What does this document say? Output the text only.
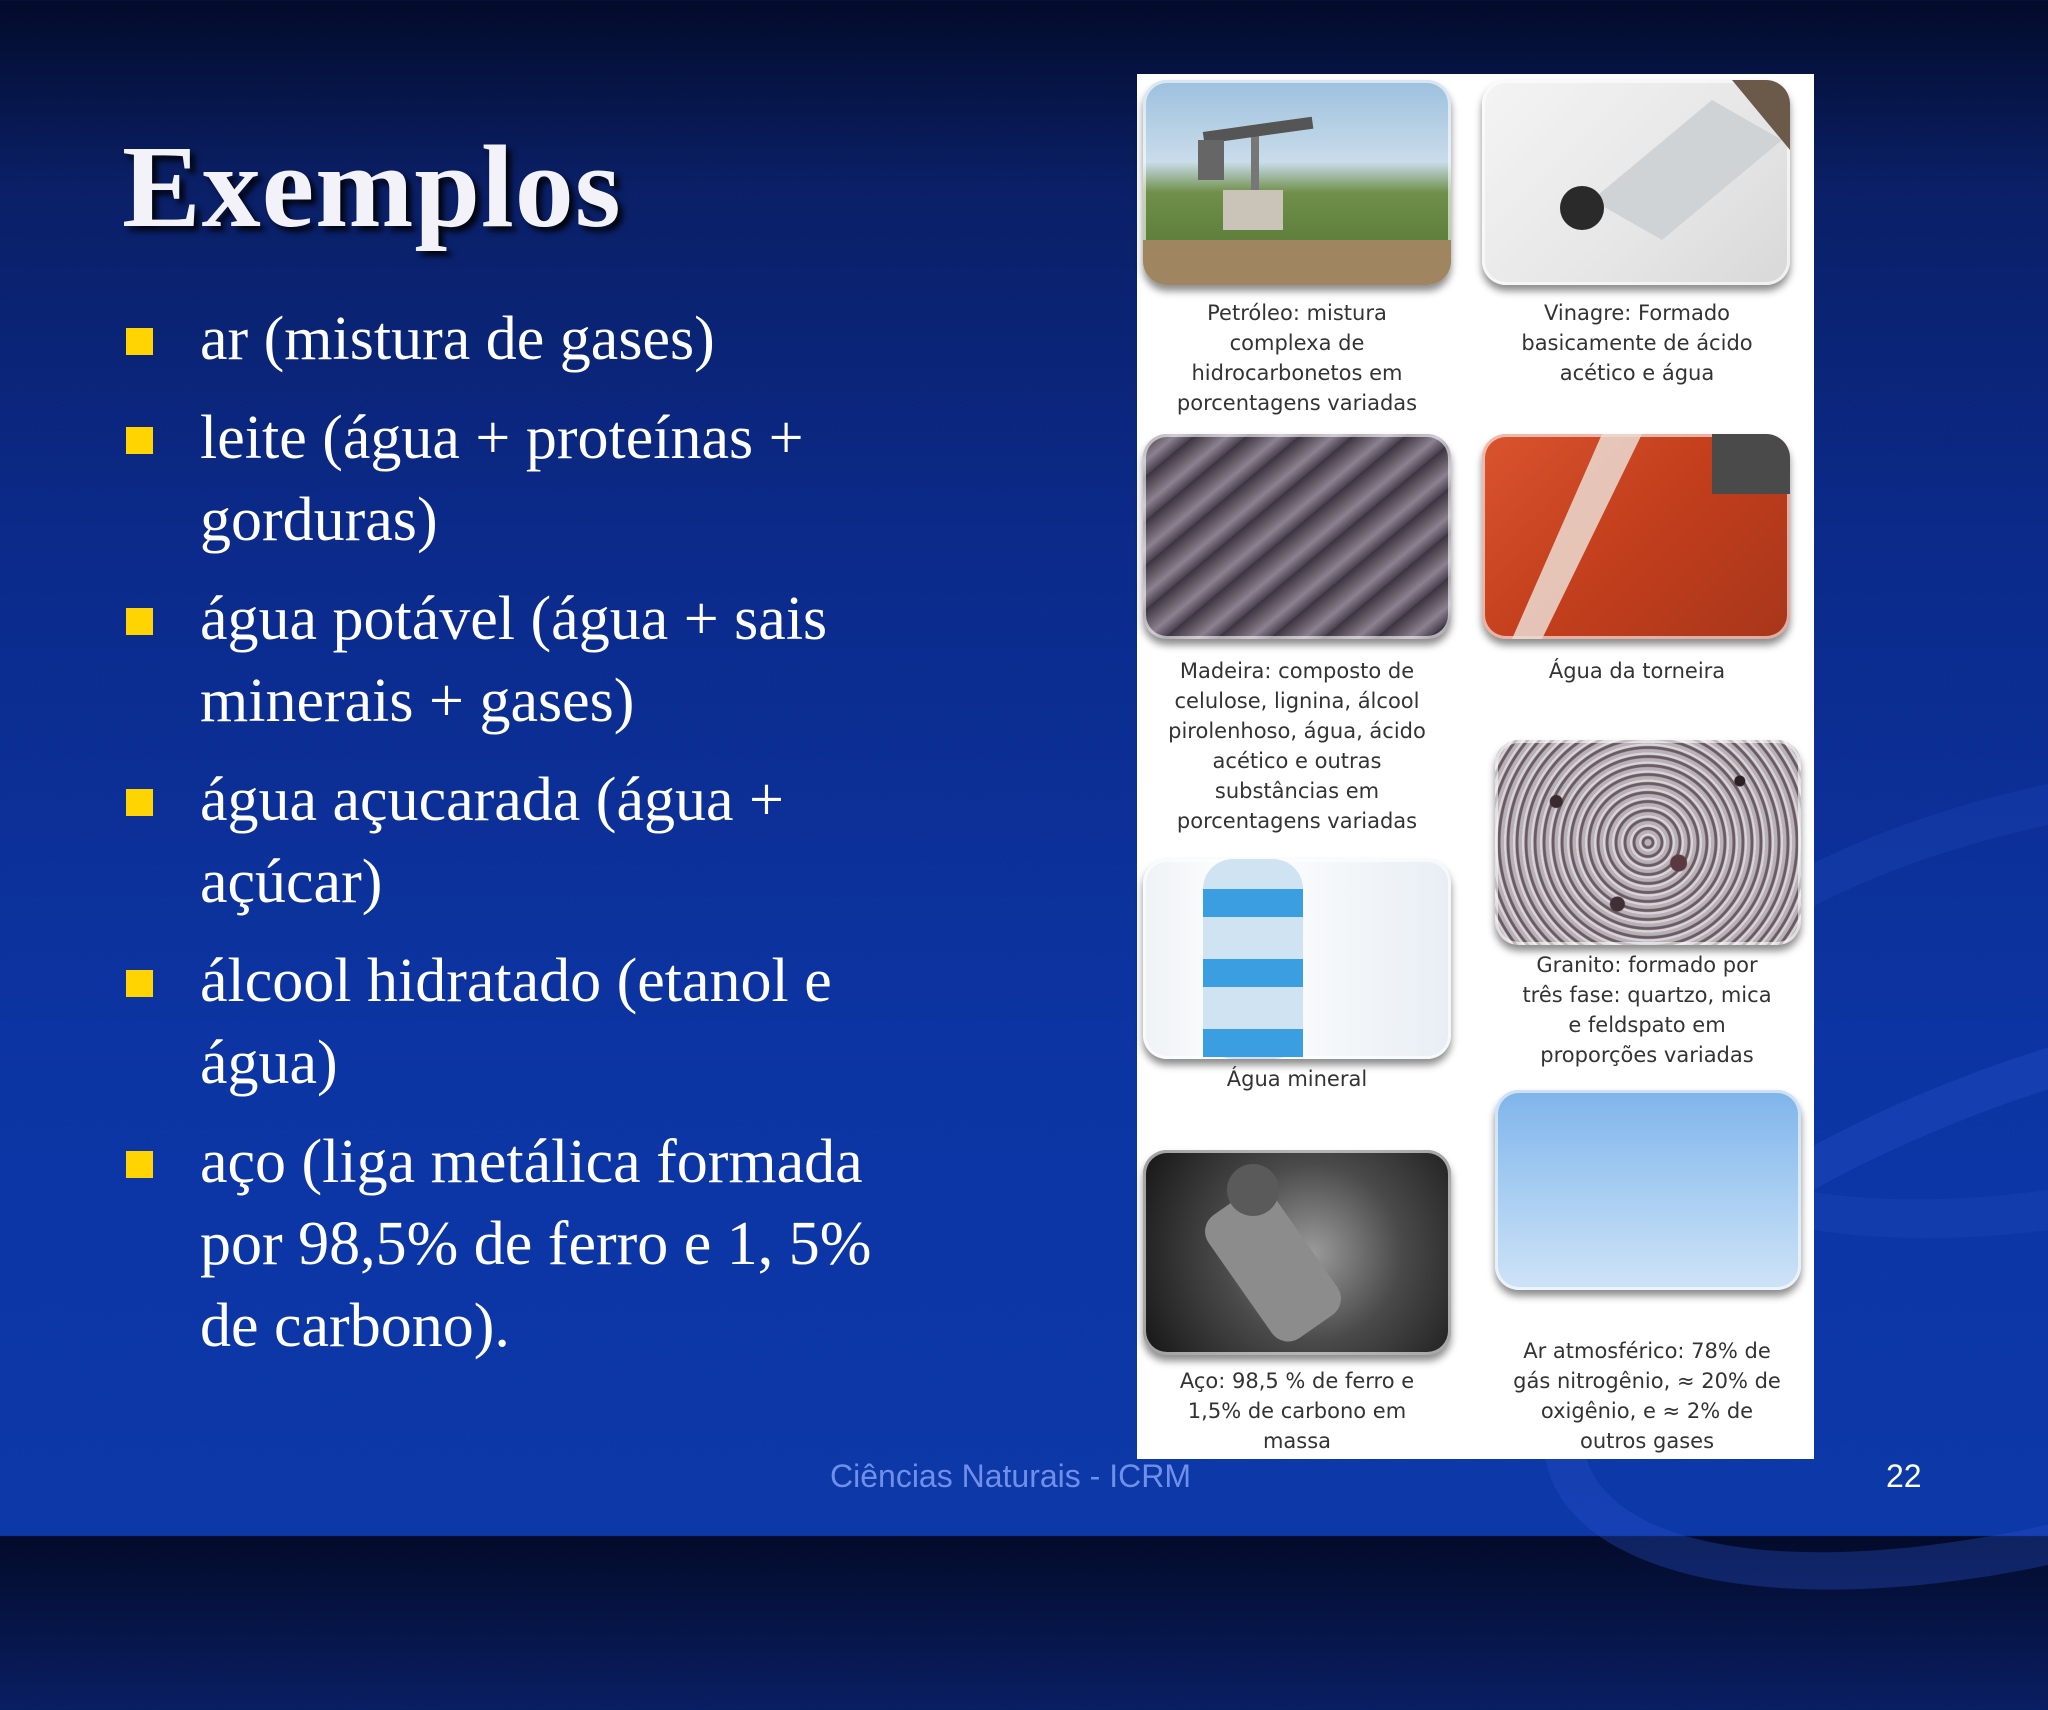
Exemplos
ar (mistura de gases)
leite (água + proteínas +
gorduras)
água potável (água + sais
minerais + gases)
água açucarada (água +
açúcar)
álcool hidratado (etanol e
água)
aço (liga metálica formada
por 98,5% de ferro e 1, 5%
de carbono).
Petróleo: mistura
complexa de
hidrocarbonetos em
porcentagens variadas
Vinagre: Formado
basicamente de ácido
acético e água
Madeira: composto de
celulose, lignina, álcool
pirolenhoso, água, ácido
acético e outras
substâncias em
porcentagens variadas
Água da torneira
Granito: formado por
três fase: quartzo, mica
e feldspato em
proporções variadas
Água mineral
Aço: 98,5 % de ferro e
1,5% de carbono em
massa
Ar atmosférico: 78% de
gás nitrogênio, ≈ 20% de
oxigênio, e ≈ 2% de
outros gases
Ciências Naturais - ICRM	22
